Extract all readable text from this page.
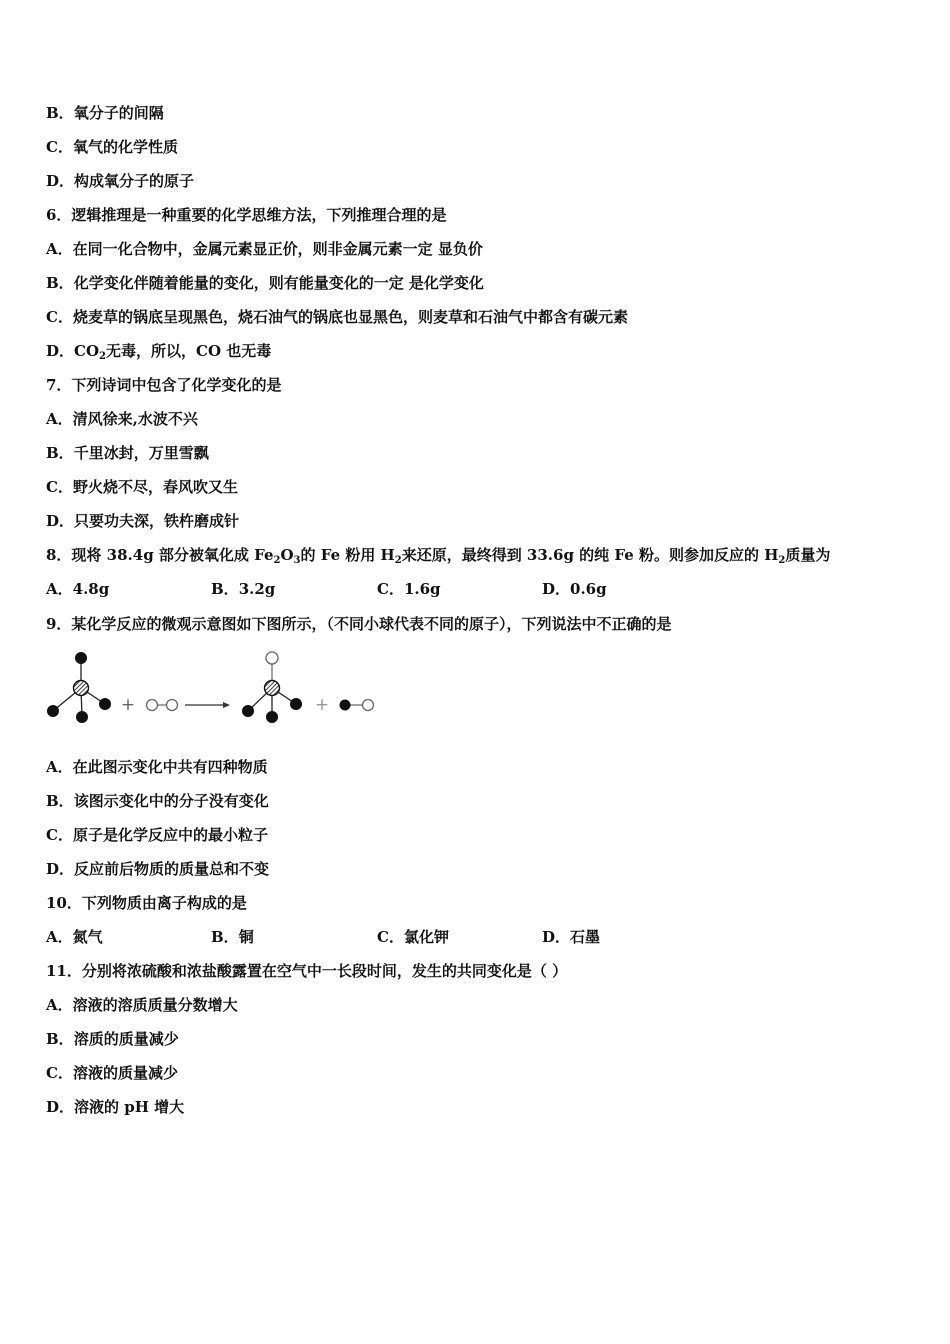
B．氧分子的间隔
C．氧气的化学性质
D．构成氧分子的原子
6．逻辑推理是一种重要的化学思维方法，下列推理合理的是
A．在同一化合物中，金属元素显正价，则非金属元素一定 显负价
B．化学变化伴随着能量的变化，则有能量变化的一定 是化学变化
C．烧麦草的锅底呈现黑色，烧石油气的锅底也显黑色，则麦草和石油气中都含有碳元素
D．$CO_2$无毒，所以，CO 也无毒
7．下列诗词中包含了化学变化的是
A．清风徐来,水波不兴
B．千里冰封，万里雪飘
C．野火烧不尽，春风吹又生
D．只要功夫深，铁杵磨成针
8．现将 38.4g 部分被氧化成 $Fe_2O_3$的 Fe 粉用 $H_2$来还原，最终得到 33.6g 的纯 Fe 粉。则参加反应的 $H_2$质量为
A．4.8g	B．3.2g	C．1.6g	D．0.6g
9．某化学反应的微观示意图如下图所示，（不同小球代表不同的原子），下列说法中不正确的是
+	+
A．在此图示变化中共有四种物质
B．该图示变化中的分子没有变化
C．原子是化学反应中的最小粒子
D．反应前后物质的质量总和不变
10．下列物质由离子构成的是
A．氮气	B．铜	C．氯化钾	D．石墨
11．分别将浓硫酸和浓盐酸露置在空气中一长段时间，发生的共同变化是（ ）
A．溶液的溶质质量分数增大
B．溶质的质量减少
C．溶液的质量减少
D．溶液的 pH 增大
